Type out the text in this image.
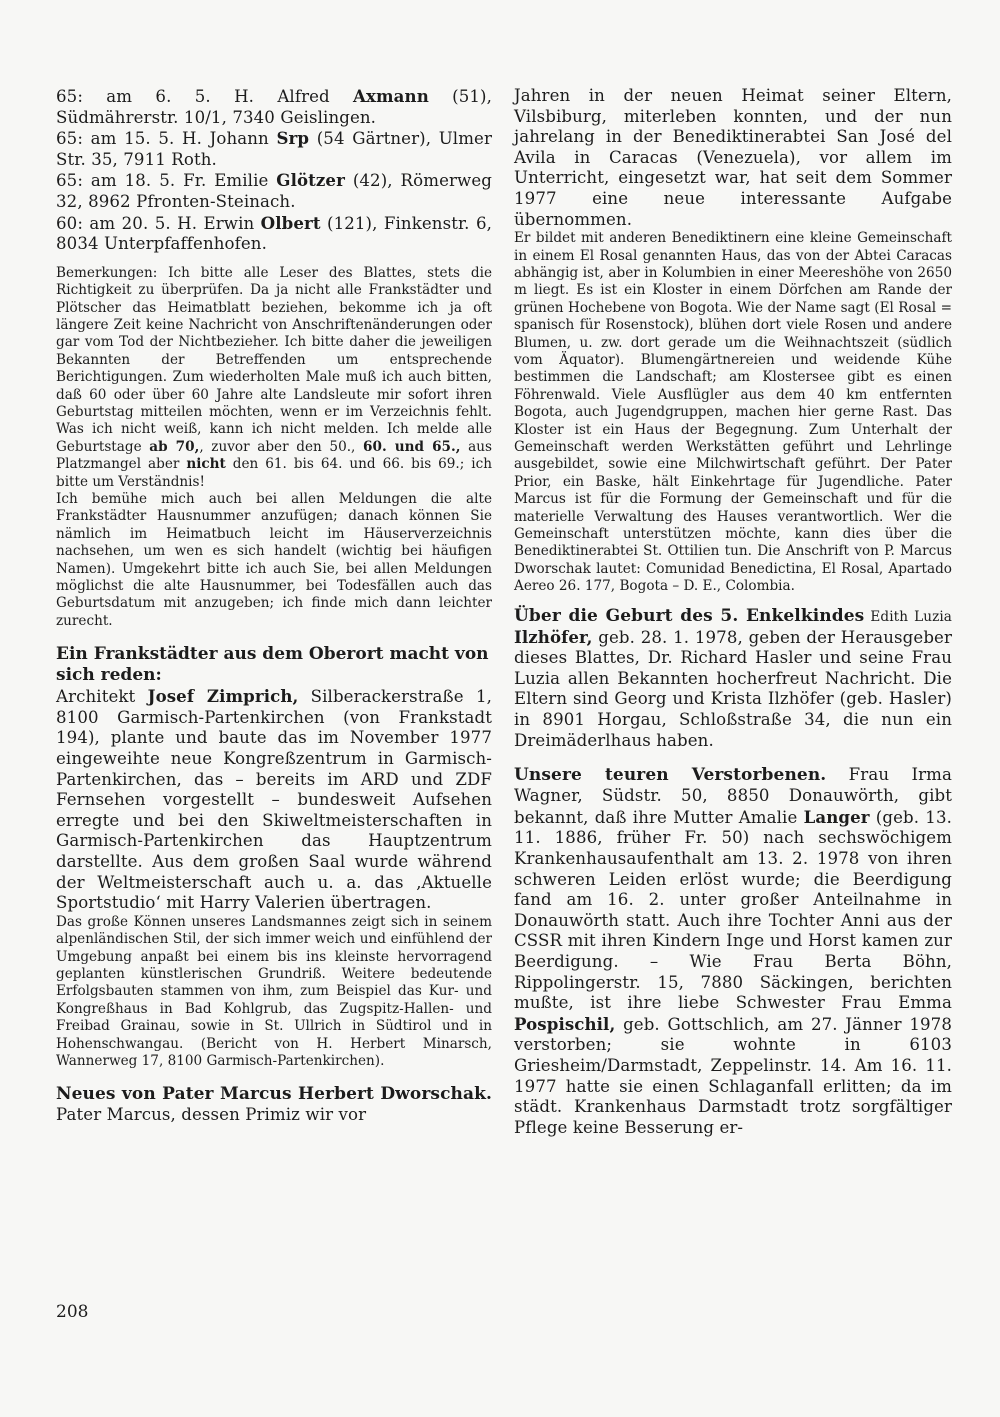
65: am 6. 5. H. Alfred Axmann (51), Südmährerstr. 10/1, 7340 Geislingen.

65: am 15. 5. H. Johann Srp (54 Gärtner), Ulmer Str. 35, 7911 Roth.

65: am 18. 5. Fr. Emilie Glötzer (42), Römerweg 32, 8962 Pfronten-Steinach.

60: am 20. 5. H. Erwin Olbert (121), Finkenstr. 6, 8034 Unterpfaffenhofen.

Bemerkungen: Ich bitte alle Leser des Blattes, stets die Richtigkeit zu überprüfen. Da ja nicht alle Frankstädter und Plötscher das Heimatblatt beziehen, bekomme ich ja oft längere Zeit keine Nachricht von Anschriftenänderungen oder gar vom Tod der Nichtbezieher. Ich bitte daher die jeweiligen Bekannten der Betreffenden um entsprechende Berichtigungen. Zum wiederholten Male muß ich auch bitten, daß 60 oder über 60 Jahre alte Landsleute mir sofort ihren Geburtstag mitteilen möchten, wenn er im Verzeichnis fehlt. Was ich nicht weiß, kann ich nicht melden. Ich melde alle Geburtstage ab 70,, zuvor aber den 50., 60. und 65., aus Platzmangel aber nicht den 61. bis 64. und 66. bis 69.; ich bitte um Verständnis!

Ich bemühe mich auch bei allen Meldungen die alte Frankstädter Hausnummer anzufügen; danach können Sie nämlich im Heimatbuch leicht im Häuserverzeichnis nachsehen, um wen es sich handelt (wichtig bei häufigen Namen). Umgekehrt bitte ich auch Sie, bei allen Meldungen möglichst die alte Hausnummer, bei Todesfällen auch das Geburtsdatum mit anzugeben; ich finde mich dann leichter zurecht.

Ein Frankstädter aus dem Oberort macht von sich reden:

Architekt Josef Zimprich, Silberackerstraße 1, 8100 Garmisch-Partenkirchen (von Frankstadt 194), plante und baute das im November 1977 eingeweihte neue Kongreßzentrum in Garmisch-Partenkirchen, das – bereits im ARD und ZDF Fernsehen vorgestellt – bundesweit Aufsehen erregte und bei den Skiweltmeisterschaften in Garmisch-Partenkirchen das Hauptzentrum darstellte. Aus dem großen Saal wurde während der Weltmeisterschaft auch u. a. das ‚Aktuelle Sportstudio‘ mit Harry Valerien übertragen.

Das große Können unseres Landsmannes zeigt sich in seinem alpenländischen Stil, der sich immer weich und einfühlend der Umgebung anpaßt bei einem bis ins kleinste hervorragend geplanten künstlerischen Grundriß. Weitere bedeutende Erfolgsbauten stammen von ihm, zum Beispiel das Kur- und Kongreßhaus in Bad Kohlgrub, das Zugspitz-Hallen- und Freibad Grainau, sowie in St. Ullrich in Südtirol und in Hohenschwangau. (Bericht von H. Herbert Minarsch, Wannerweg 17, 8100 Garmisch-Partenkirchen).

Neues von Pater Marcus Herbert Dworschak. Pater Marcus, dessen Primiz wir vor

Jahren in der neuen Heimat seiner Eltern, Vilsbiburg, miterleben konnten, und der nun jahrelang in der Benediktinerabtei San José del Avila in Caracas (Venezuela), vor allem im Unterricht, eingesetzt war, hat seit dem Sommer 1977 eine neue interessante Aufgabe übernommen.

Er bildet mit anderen Benediktinern eine kleine Gemeinschaft in einem El Rosal genannten Haus, das von der Abtei Caracas abhängig ist, aber in Kolumbien in einer Meereshöhe von 2650 m liegt. Es ist ein Kloster in einem Dörfchen am Rande der grünen Hochebene von Bogota. Wie der Name sagt (El Rosal = spanisch für Rosenstock), blühen dort viele Rosen und andere Blumen, u. zw. dort gerade um die Weihnachtszeit (südlich vom Äquator). Blumengärtnereien und weidende Kühe bestimmen die Landschaft; am Klostersee gibt es einen Föhrenwald. Viele Ausflügler aus dem 40 km entfernten Bogota, auch Jugendgruppen, machen hier gerne Rast. Das Kloster ist ein Haus der Begegnung. Zum Unterhalt der Gemeinschaft werden Werkstätten geführt und Lehrlinge ausgebildet, sowie eine Milchwirtschaft geführt. Der Pater Prior, ein Baske, hält Einkehrtage für Jugendliche. Pater Marcus ist für die Formung der Gemeinschaft und für die materielle Verwaltung des Hauses verantwortlich. Wer die Gemeinschaft unterstützen möchte, kann dies über die Benediktinerabtei St. Ottilien tun. Die Anschrift von P. Marcus Dworschak lautet: Comunidad Benedictina, El Rosal, Apartado Aereo 26. 177, Bogota – D. E., Colombia.

Über die Geburt des 5. Enkelkindes Edith Luzia Ilzhöfer, geb. 28. 1. 1978, geben der Herausgeber dieses Blattes, Dr. Richard Hasler und seine Frau Luzia allen Bekannten hocherfreut Nachricht. Die Eltern sind Georg und Krista Ilzhöfer (geb. Hasler) in 8901 Horgau, Schloßstraße 34, die nun ein Dreimäderlhaus haben.

Unsere teuren Verstorbenen. Frau Irma Wagner, Südstr. 50, 8850 Donauwörth, gibt bekannt, daß ihre Mutter Amalie Langer (geb. 13. 11. 1886, früher Fr. 50) nach sechswöchigem Krankenhausaufenthalt am 13. 2. 1978 von ihren schweren Leiden erlöst wurde; die Beerdigung fand am 16. 2. unter großer Anteilnahme in Donauwörth statt. Auch ihre Tochter Anni aus der CSSR mit ihren Kindern Inge und Horst kamen zur Beerdigung. – Wie Frau Berta Böhn, Rippolingerstr. 15, 7880 Säckingen, berichten mußte, ist ihre liebe Schwester Frau Emma Pospischil, geb. Gottschlich, am 27. Jänner 1978 verstorben; sie wohnte in 6103 Griesheim/Darmstadt, Zeppelinstr. 14. Am 16. 11. 1977 hatte sie einen Schlaganfall erlitten; da im städt. Krankenhaus Darmstadt trotz sorgfältiger Pflege keine Besserung er-

208
